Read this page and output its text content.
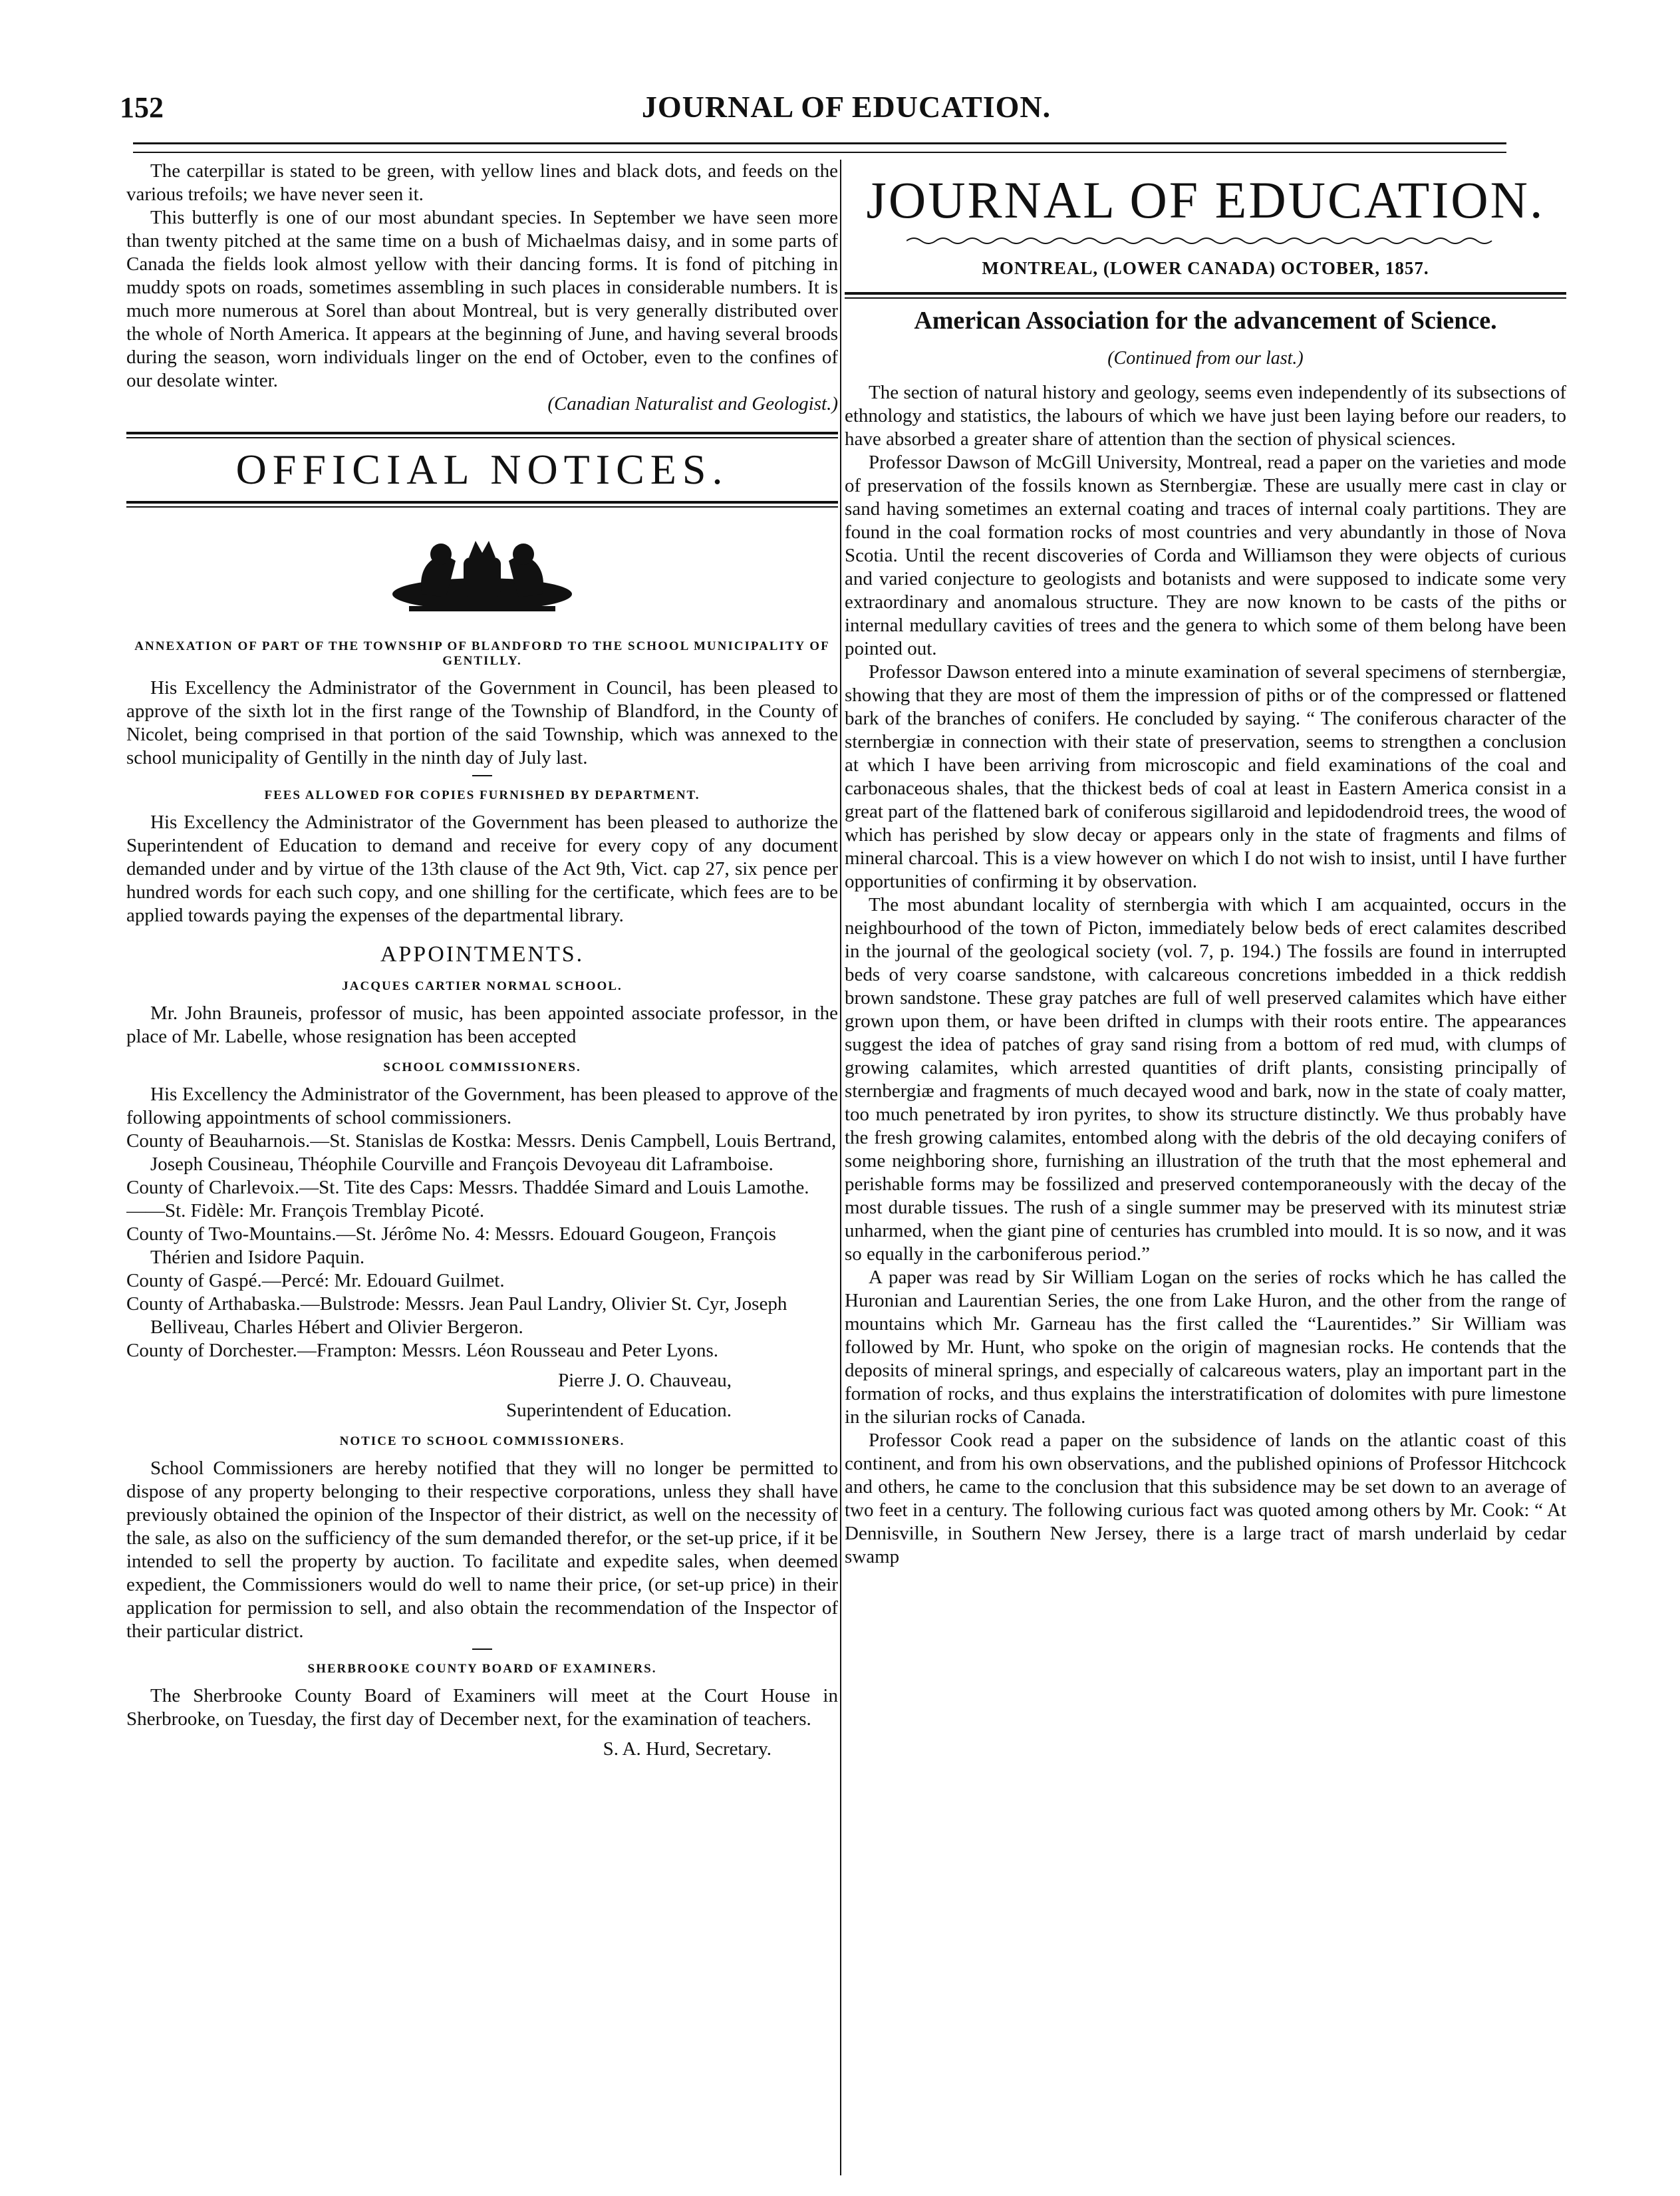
152	JOURNAL OF EDUCATION.

The caterpillar is stated to be green, with yellow lines and black dots, and feeds on the various trefoils; we have never seen it.

This butterfly is one of our most abundant species. In September we have seen more than twenty pitched at the same time on a bush of Michaelmas daisy, and in some parts of Canada the fields look almost yellow with their dancing forms. It is fond of pitching in muddy spots on roads, sometimes assembling in such places in considerable numbers. It is much more numerous at Sorel than about Montreal, but is very generally distributed over the whole of North America. It appears at the beginning of June, and having several broods during the season, worn individuals linger on the end of October, even to the confines of our desolate winter.

(Canadian Naturalist and Geologist.)

OFFICIAL NOTICES.
ANNEXATION OF PART OF THE TOWNSHIP OF BLANDFORD TO THE SCHOOL MUNICIPALITY OF GENTILLY.

His Excellency the Administrator of the Government in Council, has been pleased to approve of the sixth lot in the first range of the Township of Blandford, in the County of Nicolet, being comprised in that portion of the said Township, which was annexed to the school municipality of Gentilly in the ninth day of July last.

FEES ALLOWED FOR COPIES FURNISHED BY DEPARTMENT.

His Excellency the Administrator of the Government has been pleased to authorize the Superintendent of Education to demand and receive for every copy of any document demanded under and by virtue of the 13th clause of the Act 9th, Vict. cap 27, six pence per hundred words for each such copy, and one shilling for the certificate, which fees are to be applied towards paying the expenses of the departmental library.

APPOINTMENTS.
JACQUES CARTIER NORMAL SCHOOL.

Mr. John Brauneis, professor of music, has been appointed associate professor, in the place of Mr. Labelle, whose resignation has been accepted

SCHOOL COMMISSIONERS.

His Excellency the Administrator of the Government, has been pleased to approve of the following appointments of school commissioners.

County of Beauharnois.—St. Stanislas de Kostka: Messrs. Denis Campbell, Louis Bertrand, Joseph Cousineau, Théophile Courville and François Devoyeau dit Laframboise.

County of Charlevoix.—St. Tite des Caps: Messrs. Thaddée Simard and Louis Lamothe.

——St. Fidèle: Mr. François Tremblay Picoté.

County of Two-Mountains.—St. Jérôme No. 4: Messrs. Edouard Gougeon, François Thérien and Isidore Paquin.

County of Gaspé.—Percé: Mr. Edouard Guilmet.

County of Arthabaska.—Bulstrode: Messrs. Jean Paul Landry, Olivier St. Cyr, Joseph Belliveau, Charles Hébert and Olivier Bergeron.

County of Dorchester.—Frampton: Messrs. Léon Rousseau and Peter Lyons.

Pierre J. O. Chauveau,

Superintendent of Education.

NOTICE TO SCHOOL COMMISSIONERS.

School Commissioners are hereby notified that they will no longer be permitted to dispose of any property belonging to their respective corporations, unless they shall have previously obtained the opinion of the Inspector of their district, as well on the necessity of the sale, as also on the sufficiency of the sum demanded therefor, or the set-up price, if it be intended to sell the property by auction. To facilitate and expedite sales, when deemed expedient, the Commissioners would do well to name their price, (or set-up price) in their application for permission to sell, and also obtain the recommendation of the Inspector of their particular district.

SHERBROOKE COUNTY BOARD OF EXAMINERS.

The Sherbrooke County Board of Examiners will meet at the Court House in Sherbrooke, on Tuesday, the first day of December next, for the examination of teachers.

S. A. Hurd, Secretary.

JOURNAL OF EDUCATION.
MONTREAL, (LOWER CANADA) OCTOBER, 1857.
American Association for the advancement of Science.
(Continued from our last.)

The section of natural history and geology, seems even independently of its subsections of ethnology and statistics, the labours of which we have just been laying before our readers, to have absorbed a greater share of attention than the section of physical sciences.

Professor Dawson of McGill University, Montreal, read a paper on the varieties and mode of preservation of the fossils known as Sternbergiæ. These are usually mere cast in clay or sand having sometimes an external coating and traces of internal coaly partitions. They are found in the coal formation rocks of most countries and very abundantly in those of Nova Scotia. Until the recent discoveries of Corda and Williamson they were objects of curious and varied conjecture to geologists and botanists and were supposed to indicate some very extraordinary and anomalous structure. They are now known to be casts of the piths or internal medullary cavities of trees and the genera to which some of them belong have been pointed out.

Professor Dawson entered into a minute examination of several specimens of sternbergiæ, showing that they are most of them the impression of piths or of the compressed or flattened bark of the branches of conifers. He concluded by saying. “ The coniferous character of the sternbergiæ in connection with their state of preservation, seems to strengthen a conclusion at which I have been arriving from microscopic and field examinations of the coal and carbonaceous shales, that the thickest beds of coal at least in Eastern America consist in a great part of the flattened bark of coniferous sigillaroid and lepidodendroid trees, the wood of which has perished by slow decay or appears only in the state of fragments and films of mineral charcoal. This is a view however on which I do not wish to insist, until I have further opportunities of confirming it by observation.

The most abundant locality of sternbergia with which I am acquainted, occurs in the neighbourhood of the town of Picton, immediately below beds of erect calamites described in the journal of the geological society (vol. 7, p. 194.) The fossils are found in interrupted beds of very coarse sandstone, with calcareous concretions imbedded in a thick reddish brown sandstone. These gray patches are full of well preserved calamites which have either grown upon them, or have been drifted in clumps with their roots entire. The appearances suggest the idea of patches of gray sand rising from a bottom of red mud, with clumps of growing calamites, which arrested quantities of drift plants, consisting principally of sternbergiæ and fragments of much decayed wood and bark, now in the state of coaly matter, too much penetrated by iron pyrites, to show its structure distinctly. We thus probably have the fresh growing calamites, entombed along with the debris of the old decaying conifers of some neighboring shore, furnishing an illustration of the truth that the most ephemeral and perishable forms may be fossilized and preserved contemporaneously with the decay of the most durable tissues. The rush of a single summer may be preserved with its minutest striæ unharmed, when the giant pine of centuries has crumbled into mould. It is so now, and it was so equally in the carboniferous period.”

A paper was read by Sir William Logan on the series of rocks which he has called the Huronian and Laurentian Series, the one from Lake Huron, and the other from the range of mountains which Mr. Garneau has the first called the “Laurentides.” Sir William was followed by Mr. Hunt, who spoke on the origin of magnesian rocks. He contends that the deposits of mineral springs, and especially of calcareous waters, play an important part in the formation of rocks, and thus explains the interstratification of dolomites with pure limestone in the silurian rocks of Canada.

Professor Cook read a paper on the subsidence of lands on the atlantic coast of this continent, and from his own observations, and the published opinions of Professor Hitchcock and others, he came to the conclusion that this subsidence may be set down to an average of two feet in a century. The following curious fact was quoted among others by Mr. Cook: “ At Dennisville, in Southern New Jersey, there is a large tract of marsh underlaid by cedar swamp
